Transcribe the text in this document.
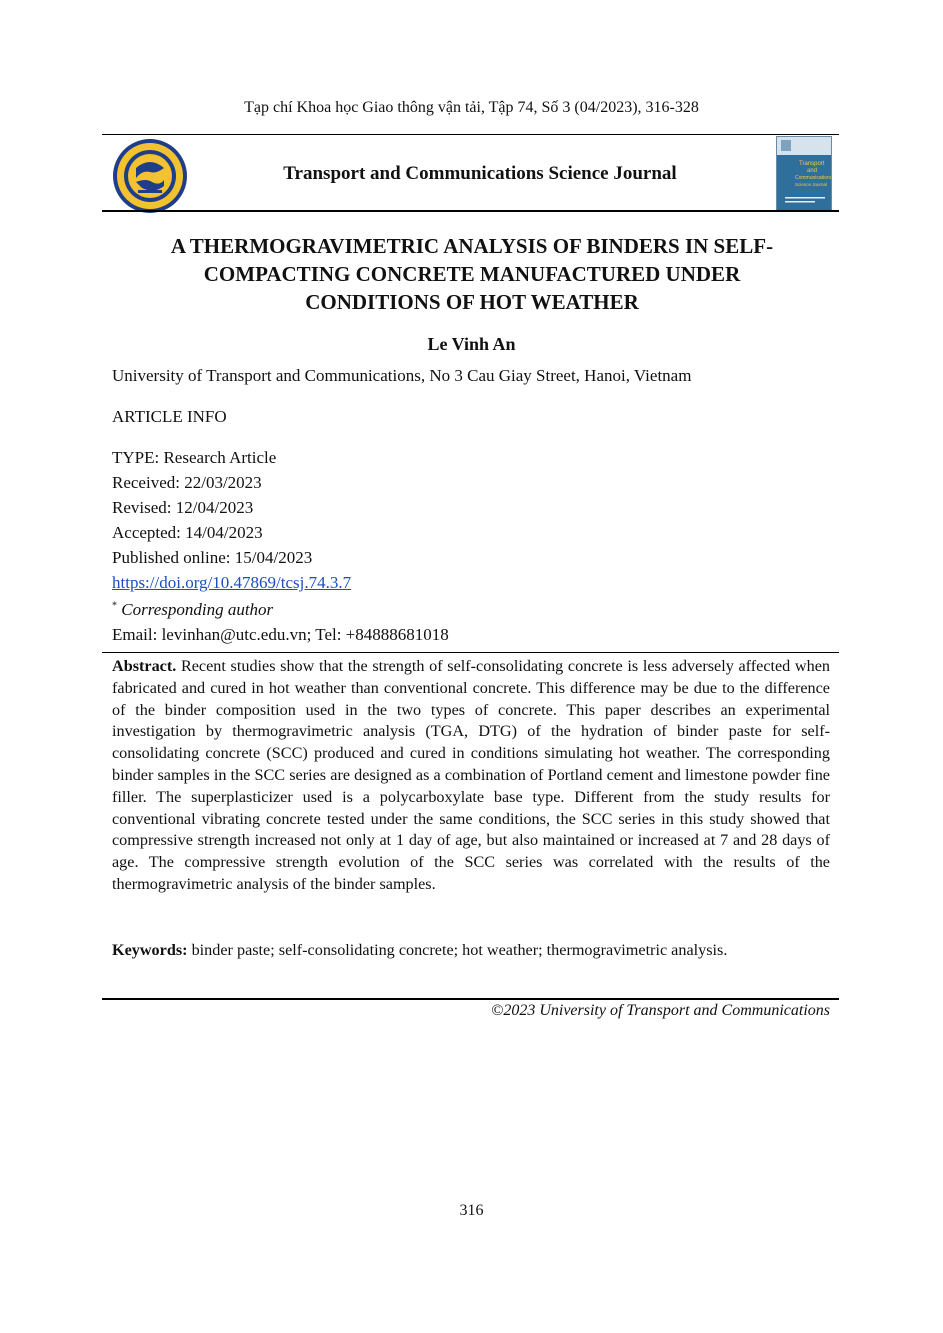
Tạp chí Khoa học Giao thông vận tải, Tập 74, Số 3 (04/2023), 316-328
Transport and Communications Science Journal	Transport
and
Communications
Science Journal
A THERMOGRAVIMETRIC ANALYSIS OF BINDERS IN SELF-
COMPACTING CONCRETE MANUFACTURED UNDER
CONDITIONS OF HOT WEATHER
Le Vinh An
University of Transport and Communications, No 3 Cau Giay Street, Hanoi, Vietnam
ARTICLE INFO
TYPE: Research Article
Received: 22/03/2023
Revised: 12/04/2023
Accepted: 14/04/2023
Published online: 15/04/2023
https://doi.org/10.47869/tcsj.74.3.7
* Corresponding author
Email: levinhan@utc.edu.vn; Tel: +84888681018
Abstract. Recent studies show that the strength of self-consolidating concrete is less adversely affected when fabricated and cured in hot weather than conventional concrete. This difference may be due to the difference of the binder composition used in the two types of concrete. This paper describes an experimental investigation by thermogravimetric analysis (TGA, DTG) of the hydration of binder paste for self-consolidating concrete (SCC) produced and cured in conditions simulating hot weather. The corresponding binder samples in the SCC series are designed as a combination of Portland cement and limestone powder fine filler. The superplasticizer used is a polycarboxylate base type. Different from the study results for conventional vibrating concrete tested under the same conditions, the SCC series in this study showed that compressive strength increased not only at 1 day of age, but also maintained or increased at 7 and 28 days of age. The compressive strength evolution of the SCC series was correlated with the results of the thermogravimetric analysis of the binder samples.
Keywords: binder paste; self-consolidating concrete; hot weather; thermogravimetric analysis.
©2023 University of Transport and Communications
316
